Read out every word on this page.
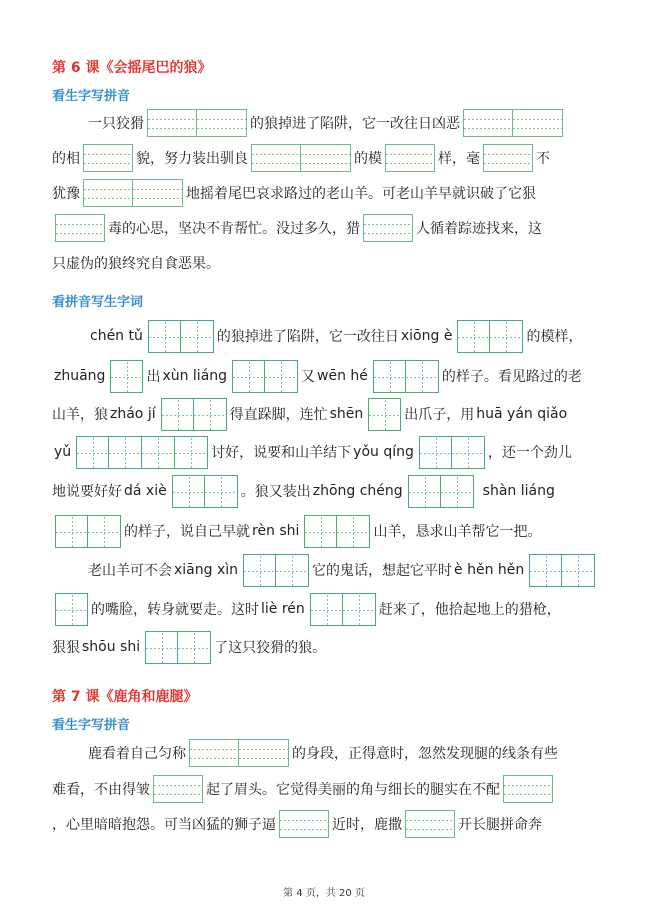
第 6 课《会摇尾巴的狼》
看生字写拼音
一只狡猾	的狼掉进了陷阱，它一改往日凶恶
的相	貌，努力装出驯良	的模	样，毫	不
犹豫	地摇着尾巴哀求路过的老山羊。可老山羊早就识破了它狠
毒的心思，坚决不肯帮忙。没过多久，猎	人循着踪迹找来，这
只虚伪的狼终究自食恶果。
看拼音写生字词
chén tǔ	的狼掉进了陷阱，它一改往日 xiōng è	的模样，
zhuāng	出 xùn liáng	又 wēn hé	的样子。看见路过的老
山羊，狼 zháo jí	得直跺脚，连忙 shēn	出爪子，用 huā yán qiǎo
yǔ	讨好，说要和山羊结下 yǒu qíng	，还一个劲儿
地说要好好 dá xiè	。狼又装出 zhōng chéng	shàn liáng
的样子，说自己早就 rèn shi	山羊，恳求山羊帮它一把。
老山羊可不会 xiāng xìn	它的鬼话，想起它平时 è hěn hěn
的嘴脸，转身就要走。这时 liè rén	赶来了，他拾起地上的猎枪，
狠狠 shōu shi	了这只狡猾的狼。
第 7 课《鹿角和鹿腿》
看生字写拼音
鹿看着自己匀称	的身段，正得意时，忽然发现腿的线条有些
难看，不由得皱	起了眉头。它觉得美丽的角与细长的腿实在不配
，心里暗暗抱怨。可当凶猛的狮子逼	近时，鹿撒	开长腿拼命奔
第 4 页，共 20 页
